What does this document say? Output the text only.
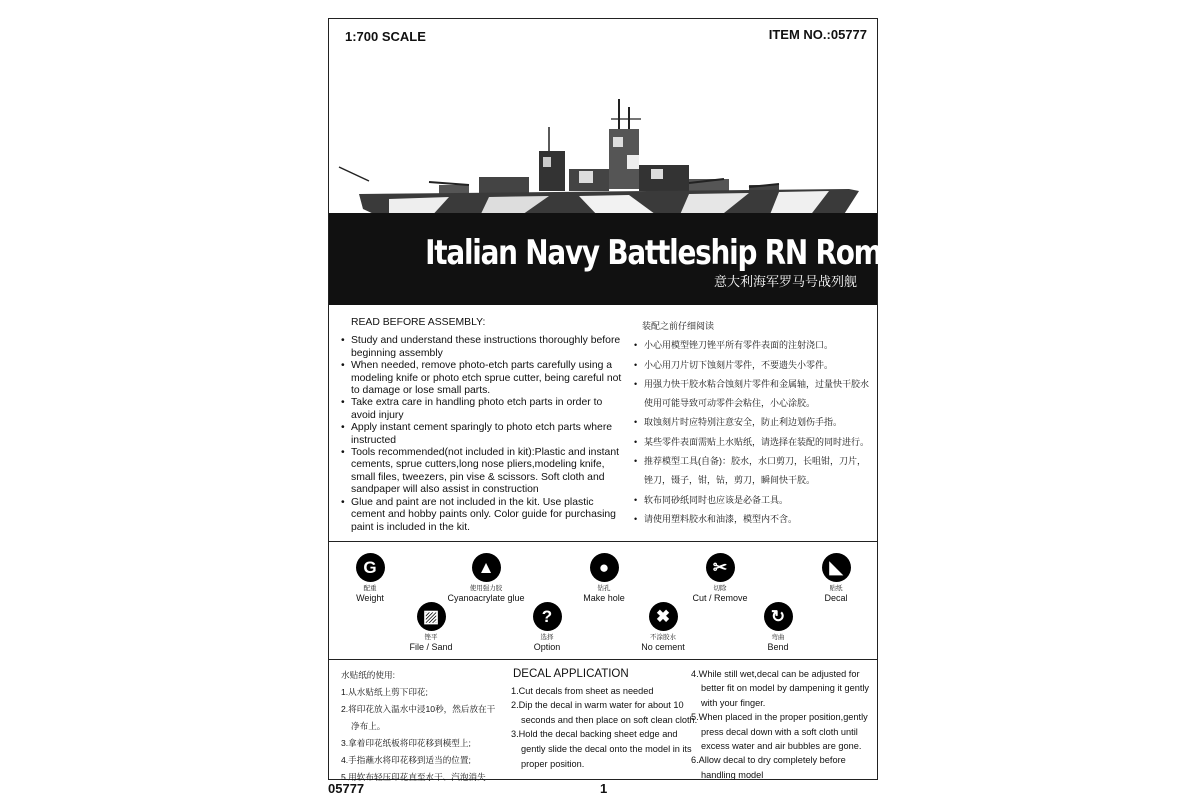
1:700 SCALE	ITEM NO.:05777
Italian Navy Battleship RN Roma 1943
意大利海军罗马号战列舰
READ BEFORE ASSEMBLY:
• Study and understand these instructions thoroughly before beginning assembly
• When needed, remove photo-etch parts carefully using a modeling knife or photo etch sprue cutter, being careful not to damage or lose small parts.
• Take extra care in handling photo etch parts in order to avoid injury
• Apply instant cement sparingly to photo etch parts where instructed
• Tools recommended(not included in kit):Plastic and instant cements, sprue cutters,long nose pliers,modeling knife, small files, tweezers, pin vise & scissors. Soft cloth and sandpaper will also assist in construction
• Glue and paint are not included in the kit. Use plastic cement and hobby paints only. Color guide for purchasing paint is included in the kit.
装配之前仔细阅读
• 小心用模型锉刀锉平所有零件表面的注射浇口。
• 小心用刀片切下蚀刻片零件，不要遗失小零件。
• 用强力快干胶水粘合蚀刻片零件和金属轴，过量快干胶水使用可能导致可动零件会粘住，小心涂胶。
• 取蚀刻片时应特别注意安全，防止利边划伤手指。
• 某些零件表面需贴上水贴纸，请选择在装配的同时进行。
• 推荐模型工具(自备)：胶水，水口剪刀，长咀钳，刀片，锉刀，镊子，钳，钻，剪刀，瞬间快干胶。
• 软布同砂纸同时也应该是必备工具。
• 请使用塑料胶水和油漆，模型内不含。
G
配重
Weight
▲
使用强力胶
Cyanoacrylate glue
●
钻孔
Make hole
✂
切除
Cut / Remove
◣
贴纸
Decal
▨
锉平
File / Sand
?
选择
Option
✖
不涂胶水
No cement
↻
弯曲
Bend
水贴纸的使用:
1.从水贴纸上剪下印花;
2.将印花放入温水中浸10秒，然后放在干净布上。
3.拿着印花纸板将印花移到模型上;
4.手指蘸水将印花移到适当的位置;
5.用软布轻压印花直至水干、汽泡消失
DECAL APPLICATION
1.Cut decals from sheet as needed
2.Dip the decal in warm water for about 10 seconds and then place on soft clean cloth.
3.Hold the decal backing sheet edge and gently slide the decal onto the model in its proper position.
4.While still wet,decal can be adjusted for better fit on model by dampening it gently with your finger.
5.When placed in the proper position,gently press decal down with a soft cloth until excess water and air bubbles are gone.
6.Allow decal to dry completely before handling model
05777	1
